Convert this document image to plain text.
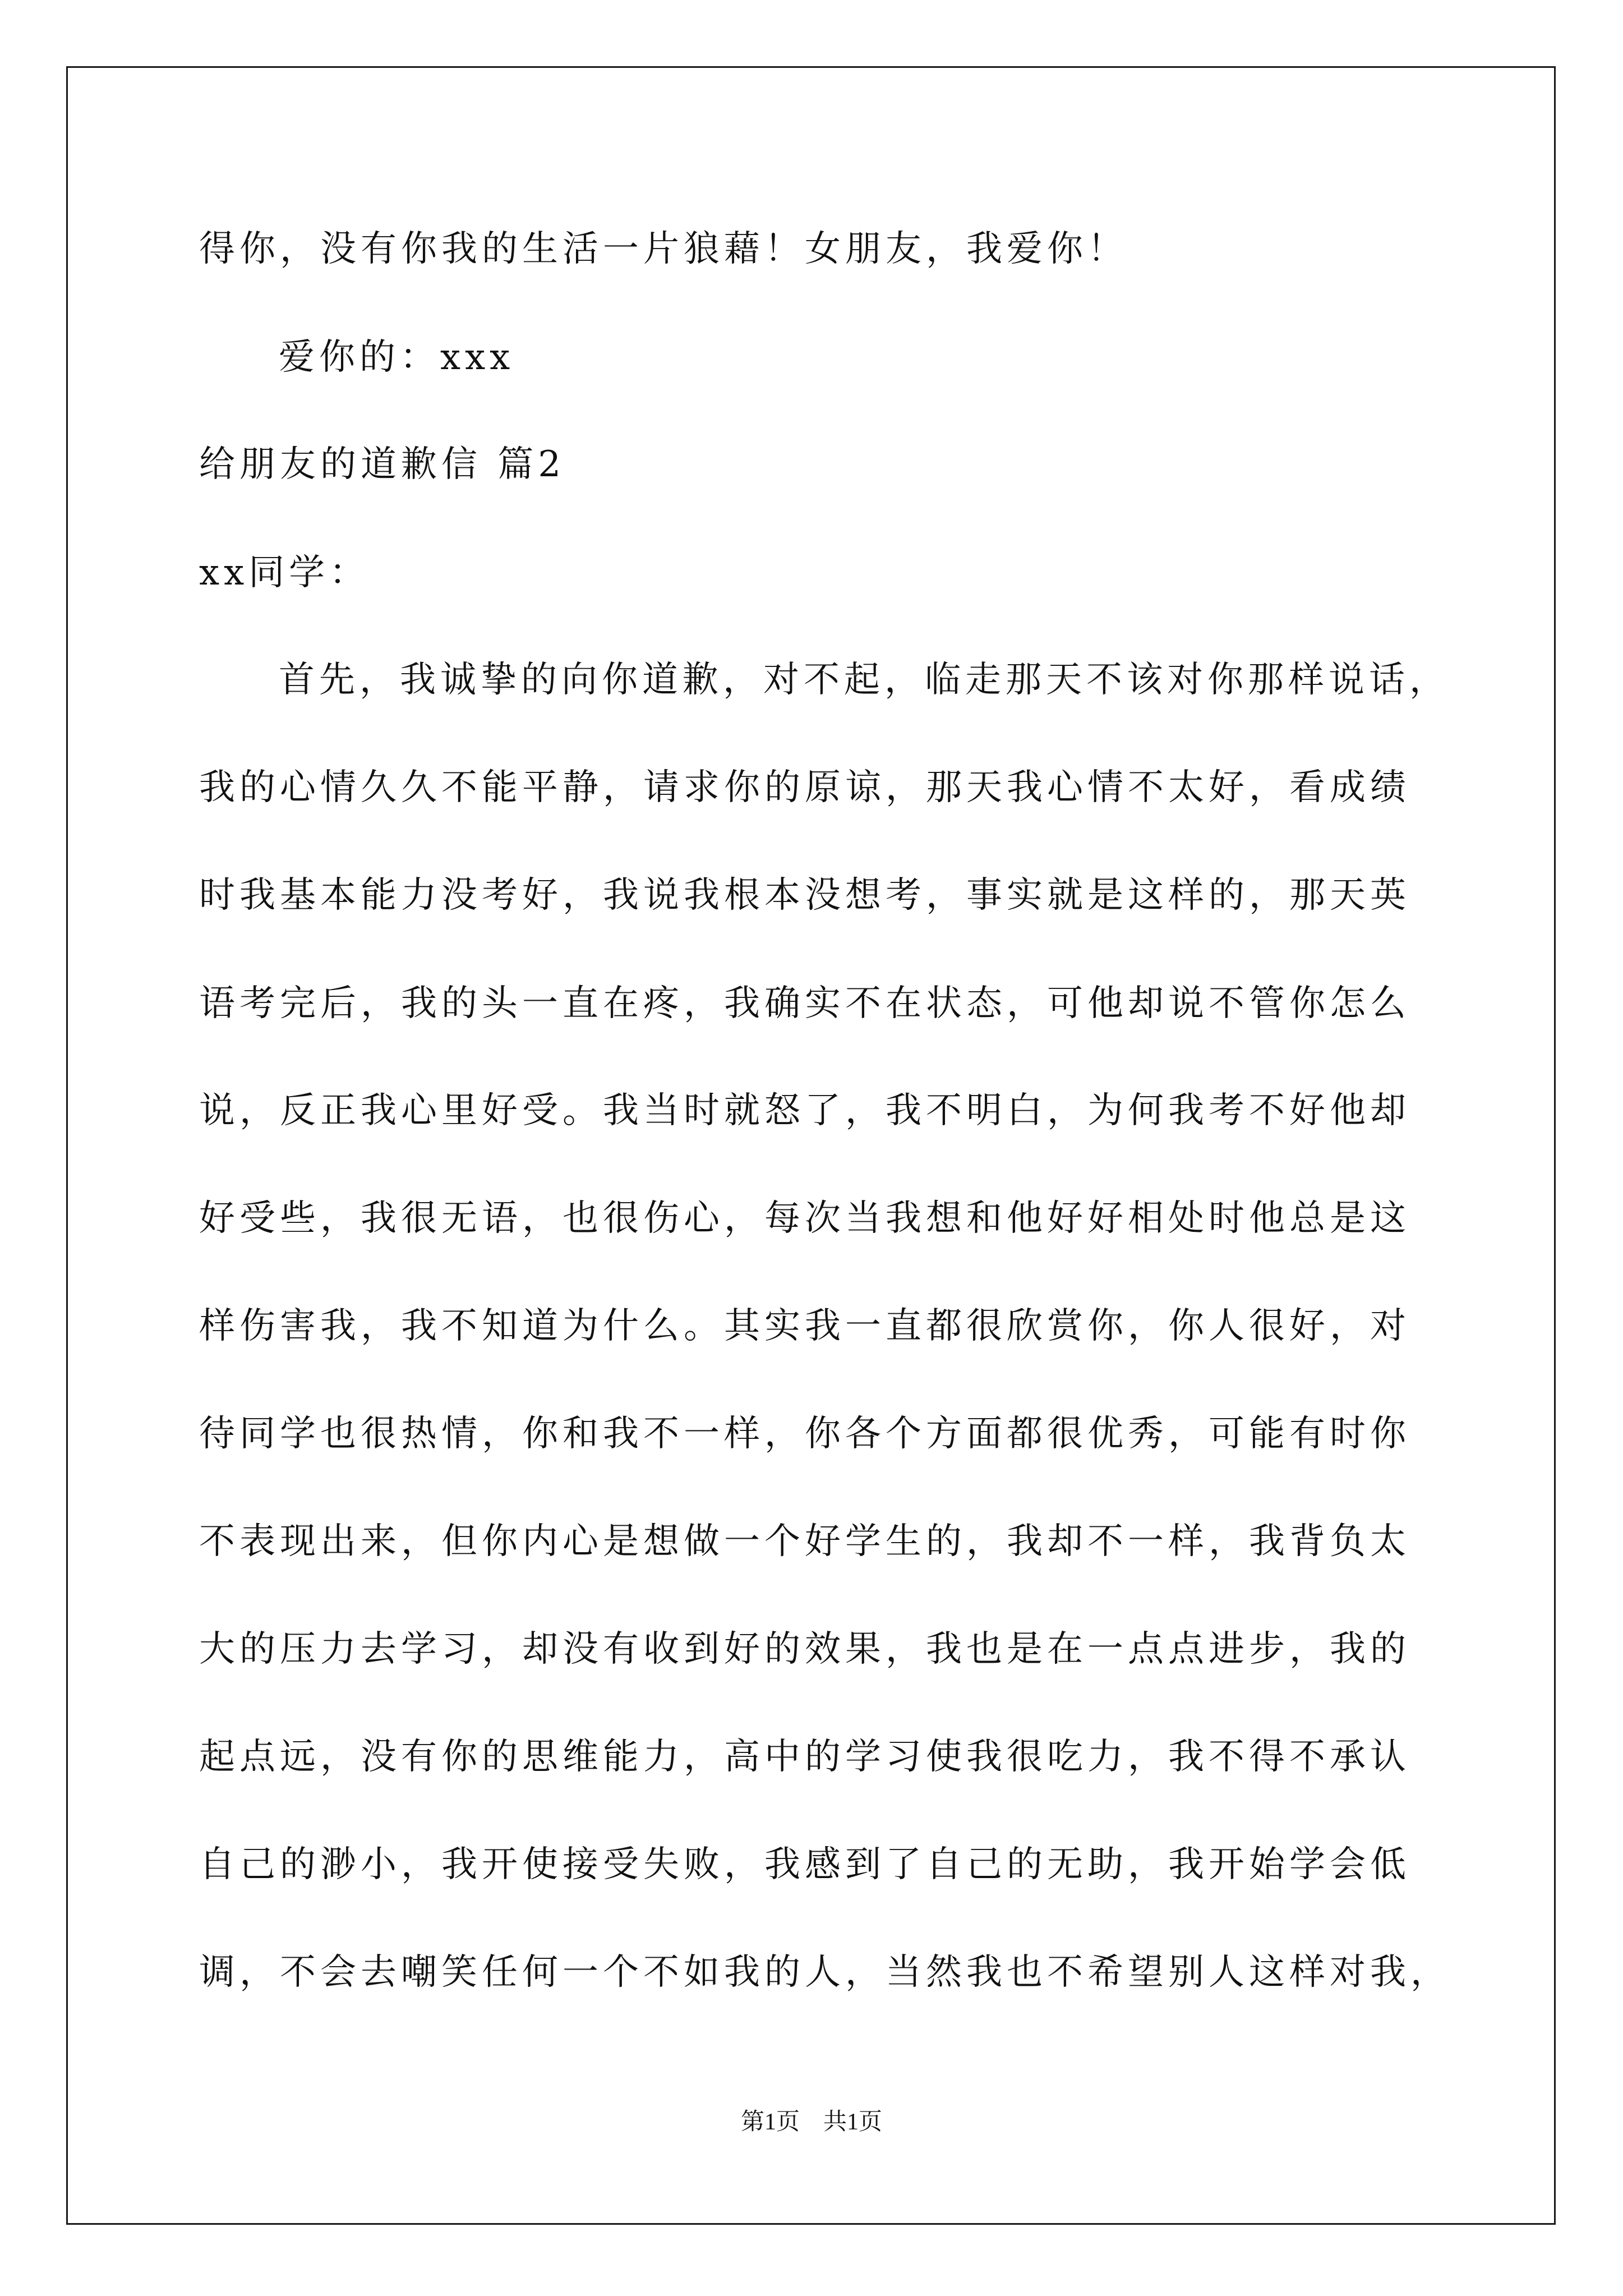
得你，没有你我的生活一片狼藉！女朋友，我爱你！
爱你的：xxx
给朋友的道歉信 篇2
xx同学：
首先，我诚挚的向你道歉，对不起，临走那天不该对你那样说话，
我的心情久久不能平静，请求你的原谅，那天我心情不太好，看成绩
时我基本能力没考好，我说我根本没想考，事实就是这样的，那天英
语考完后，我的头一直在疼，我确实不在状态，可他却说不管你怎么
说，反正我心里好受。我当时就怒了，我不明白，为何我考不好他却
好受些，我很无语，也很伤心，每次当我想和他好好相处时他总是这
样伤害我，我不知道为什么。其实我一直都很欣赏你，你人很好，对
待同学也很热情，你和我不一样，你各个方面都很优秀，可能有时你
不表现出来，但你内心是想做一个好学生的，我却不一样，我背负太
大的压力去学习，却没有收到好的效果，我也是在一点点进步，我的
起点远，没有你的思维能力，高中的学习使我很吃力，我不得不承认
自己的渺小，我开使接受失败，我感到了自己的无助，我开始学会低
调，不会去嘲笑任何一个不如我的人，当然我也不希望别人这样对我，
第1页　共1页
